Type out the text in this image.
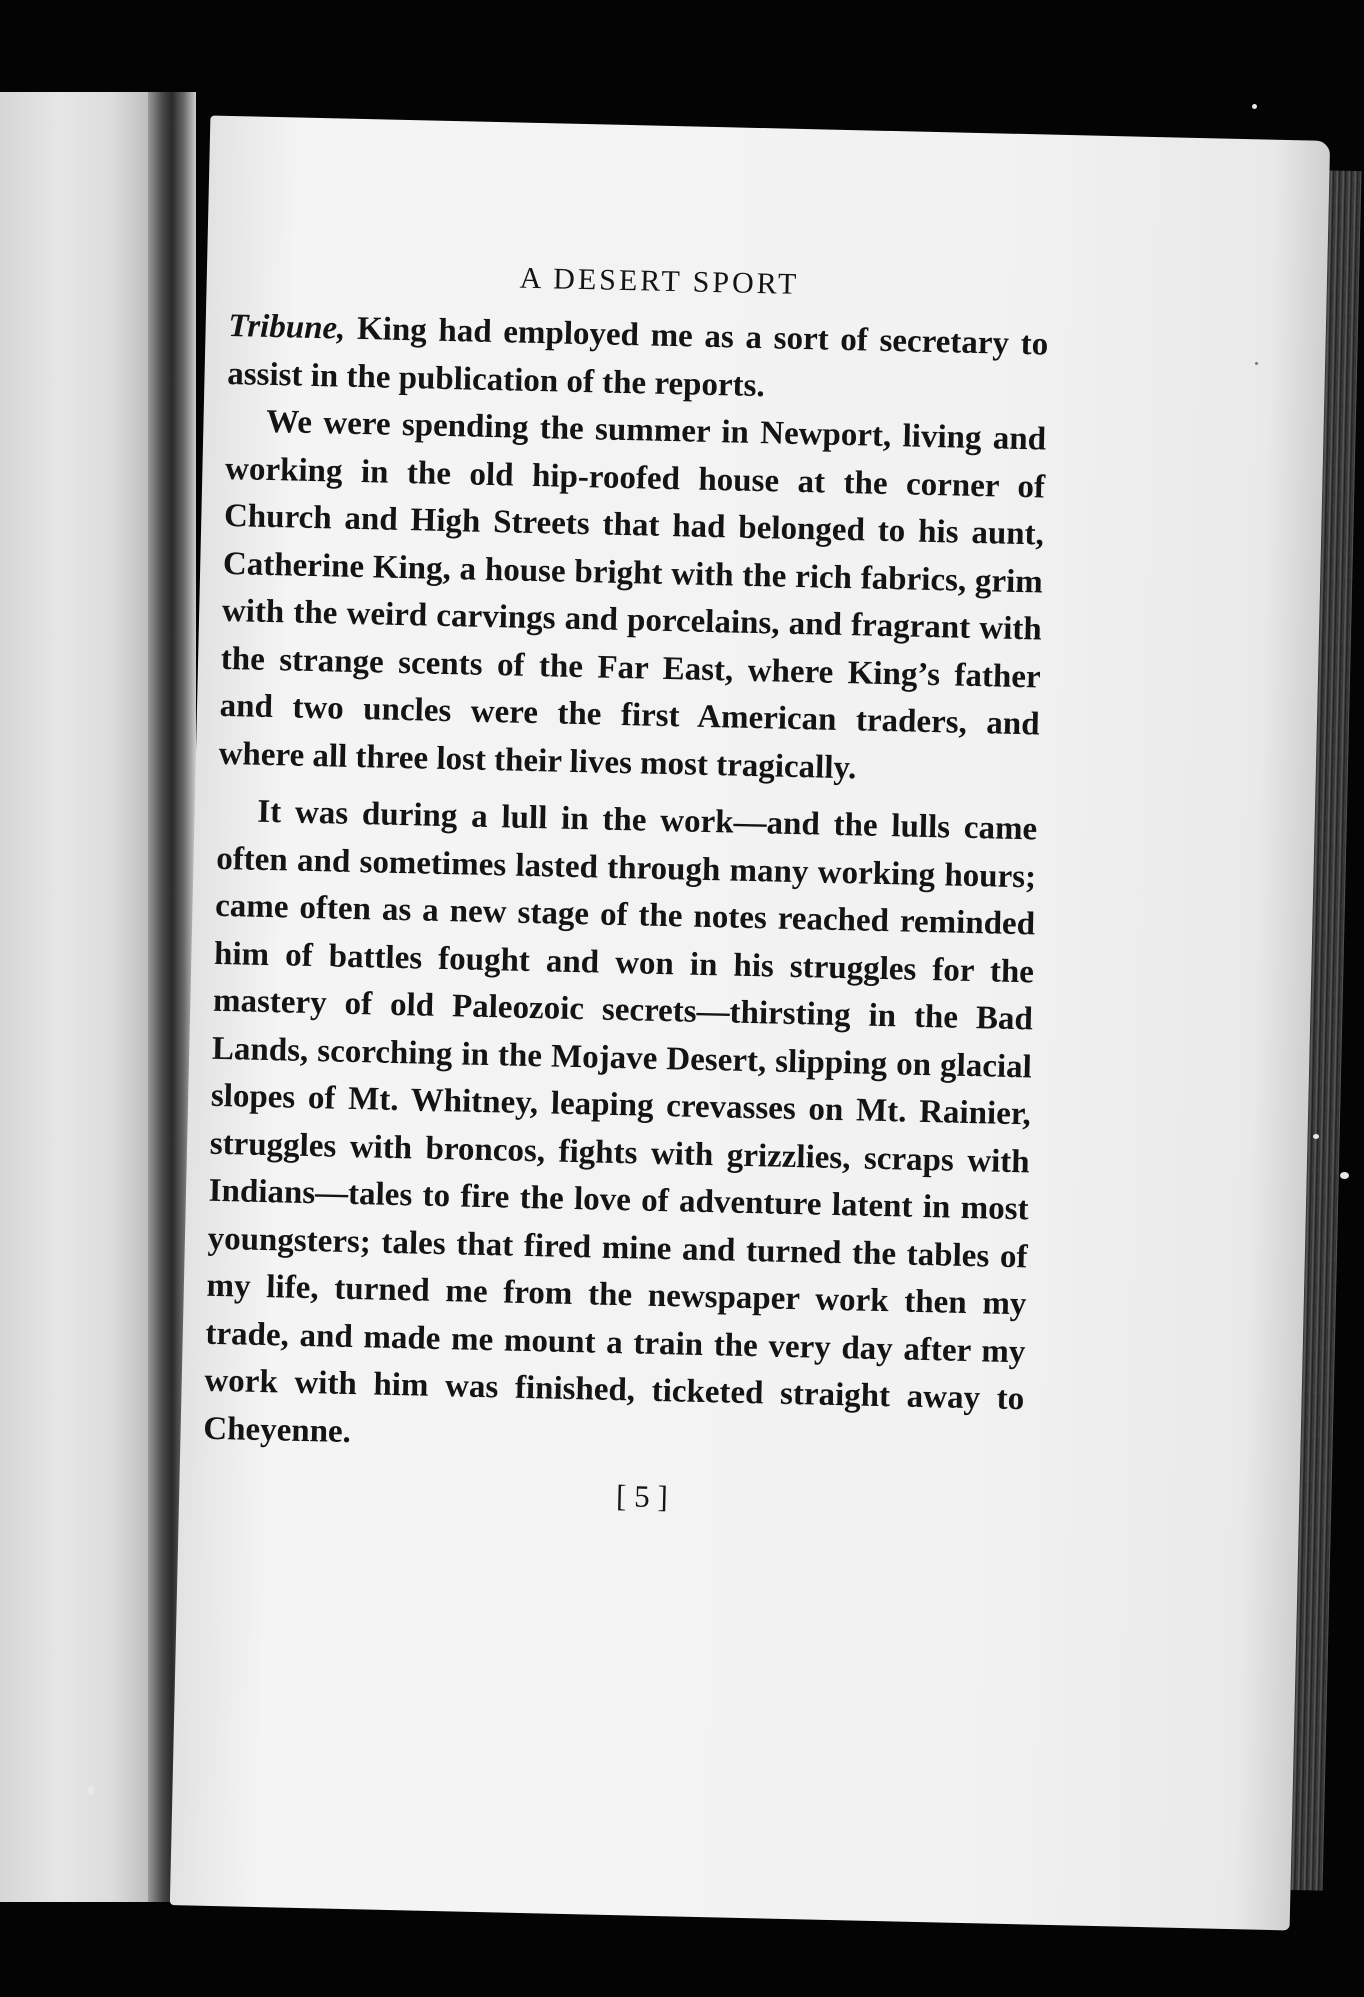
A DESERT SPORT

Tribune, King had employed me as a sort of secretary to assist in the publication of the reports.

We were spending the summer in Newport, living and working in the old hip-roofed house at the corner of Church and High Streets that had belonged to his aunt, Catherine King, a house bright with the rich fabrics, grim with the weird carvings and porcelains, and fragrant with the strange scents of the Far East, where King’s father and two uncles were the first American traders, and where all three lost their lives most tragically.

It was during a lull in the work—and the lulls came often and sometimes lasted through many working hours; came often as a new stage of the notes reached reminded him of battles fought and won in his struggles for the mastery of old Paleozoic secrets—thirsting in the Bad Lands, scorching in the Mojave Desert, slipping on glacial slopes of Mt. Whitney, leaping crevasses on Mt. Rainier, struggles with broncos, fights with grizzlies, scraps with Indians—tales to fire the love of adventure latent in most youngsters; tales that fired mine and turned the tables of my life, turned me from the newspaper work then my trade, and made me mount a train the very day after my work with him was finished, ticketed straight away to Cheyenne.

[ 5 ]
